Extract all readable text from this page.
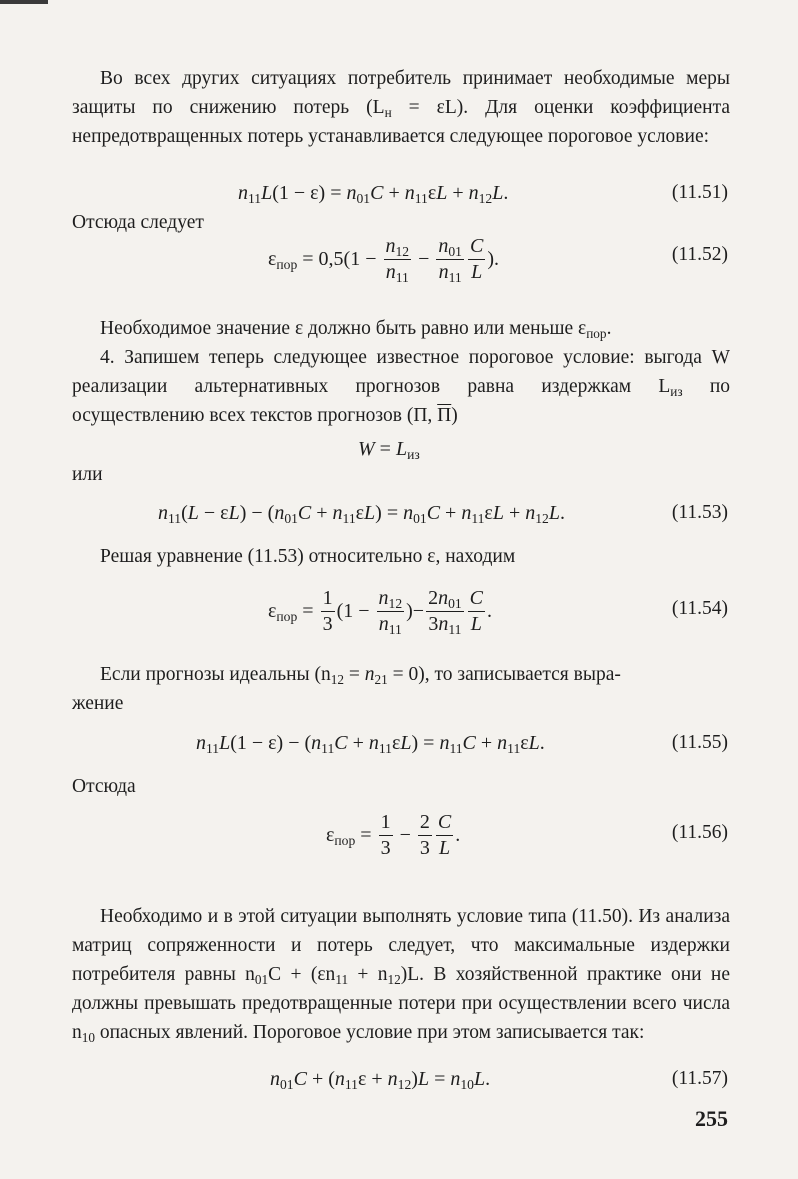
Во всех других ситуациях потребитель принимает необходимые меры защиты по снижению потерь $(L_н = \varepsilon L)$. Для оценки коэффициента непредотвращенных потерь устанавливается следующее пороговое условие:
$n_{11}L(1 - \varepsilon) = n_{01}C + n_{11}\varepsilon L + n_{12}L$.	(11.51)
Отсюда следует
$\varepsilon_{пор} = 0,5(1 - \frac{n_{12}}{n_{11}} - \frac{n_{01}}{n_{11}} \frac{C}{L}$ ).	(11.52)
Необходимое значение ε должно быть равно или меньше $\varepsilon_{пор}$.
4. Запишем теперь следующее известное пороговое условие: выгода W реализации альтернативных прогнозов равна издержкам $L_{из}$ по осуществлению всех текстов прогнозов (П, П)
$W = L_{из}$
или
$n_{11}(L - \varepsilon L) - (n_{01}C + n_{11}\varepsilon L) = n_{01}C + n_{11}\varepsilon L + n_{12}L$.	(11.53)
Решая уравнение (11.53) относительно ε, находим
$\varepsilon_{пор} = \frac{1}{3} (1 - \frac{n_{12}}{n_{11}}$ )− $\frac{2n_{01}}{3n_{11}} \frac{C}{L}$ .	(11.54)
Если прогнозы идеальны $(n_{12} = n_{21} = 0)$, то записывается выра-
жение
$n_{11}L(1 - \varepsilon) - (n_{11}C + n_{11}\varepsilon L) = n_{11}C + n_{11}\varepsilon L$.	(11.55)
Отсюда
$\varepsilon_{пор} = \frac{1}{3} - \frac{2}{3} \frac{C}{L}$ .	(11.56)
Необходимо и в этой ситуации выполнять условие типа (11.50). Из анализа матриц сопряженности и потерь следует, что максимальные издержки потребителя равны $n_{01}C + (\varepsilon n_{11} + n_{12})L$. В хозяйственной практике они не должны превышать предотвращенные потери при осуществлении всего числа $n_{10}$ опасных явлений. Пороговое условие при этом записывается так:
$n_{01}C + (n_{11}\varepsilon + n_{12})L = n_{10}L$.	(11.57)
255
